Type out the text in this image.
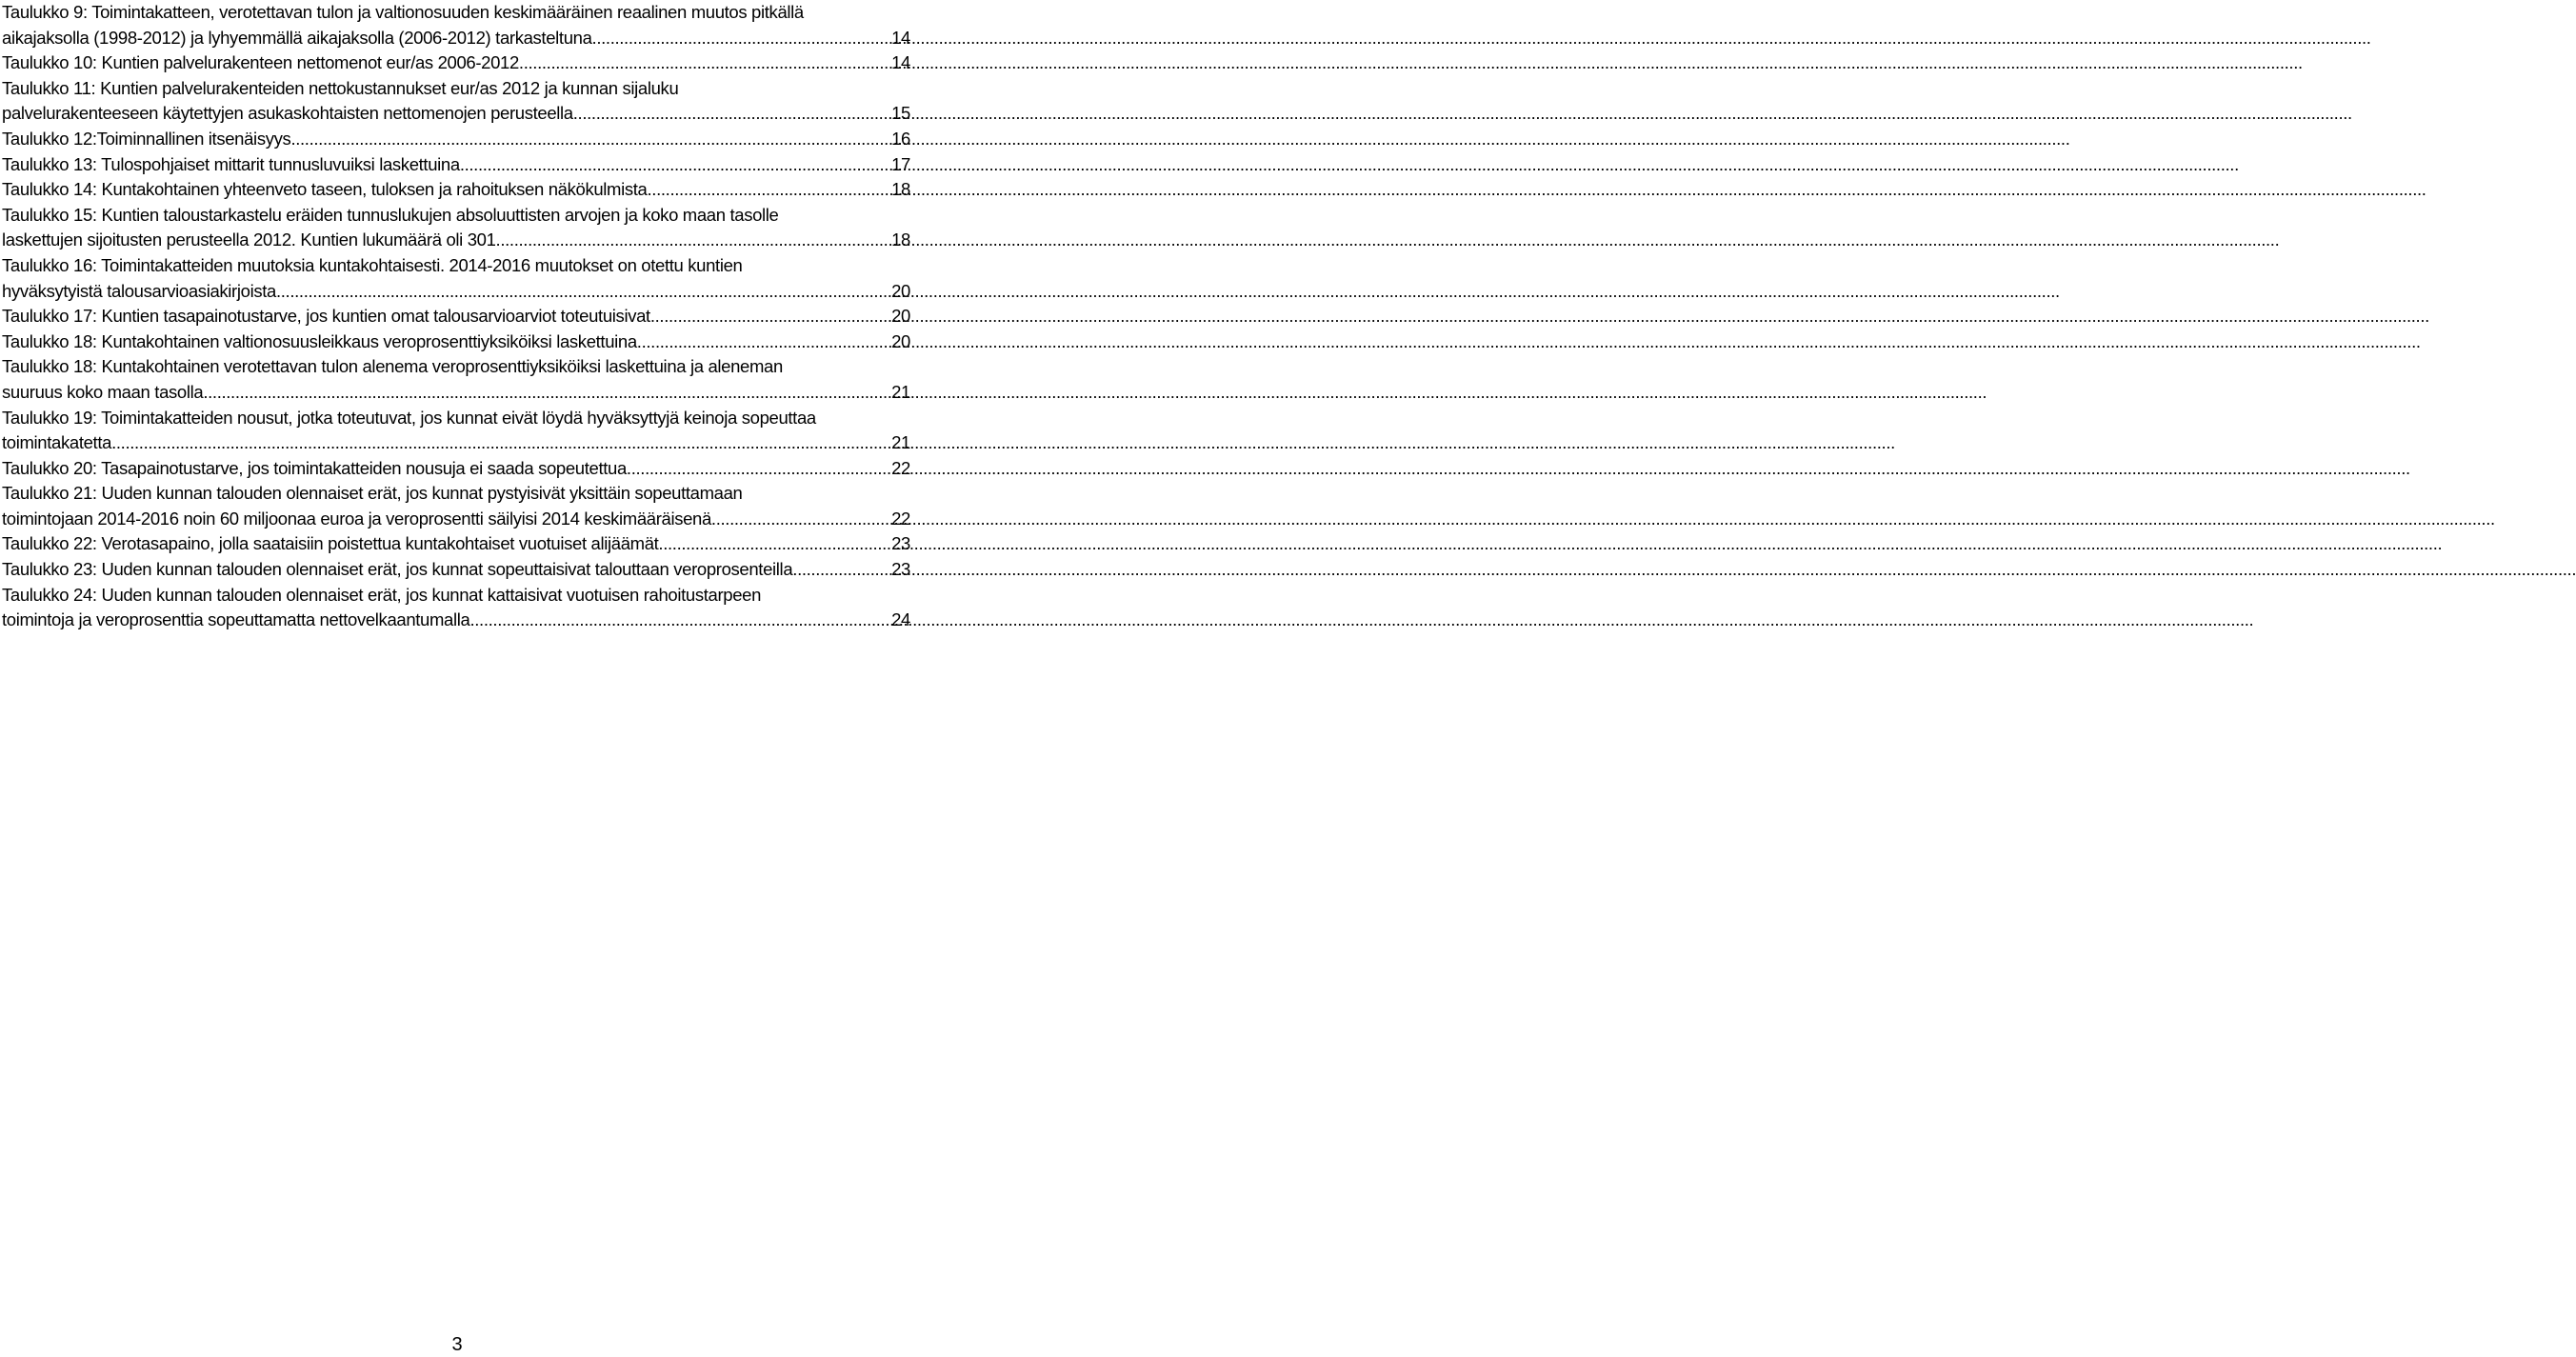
Taulukko 9: Toimintakatteen, verotettavan tulon ja valtionosuuden keskimääräinen reaalinen muutos pitkällä
aikajaksolla (1998-2012) ja lyhyemmällä aikajaksolla (2006-2012) tarkasteltuna .....	14
Taulukko 10: Kuntien palvelurakenteen nettomenot eur/as 2006-2012. .....	14
Taulukko 11: Kuntien palvelurakenteiden nettokustannukset eur/as 2012 ja kunnan sijaluku
palvelurakenteeseen käytettyjen asukaskohtaisten nettomenojen perusteella .....	15
Taulukko 12:Toiminnallinen itsenäisyys .....	16
Taulukko 13: Tulospohjaiset mittarit tunnusluvuiksi laskettuina .....	17
Taulukko 14: Kuntakohtainen yhteenveto taseen, tuloksen ja rahoituksen näkökulmista .....	18
Taulukko 15: Kuntien taloustarkastelu eräiden tunnuslukujen absoluuttisten arvojen ja koko maan tasolle
laskettujen sijoitusten perusteella 2012. Kuntien lukumäärä oli 301. .....	18
Taulukko 16: Toimintakatteiden muutoksia kuntakohtaisesti. 2014-2016 muutokset on otettu kuntien
hyväksytyistä talousarvioasiakirjoista. .....	20
Taulukko 17: Kuntien tasapainotustarve, jos kuntien omat talousarvioarviot toteutuisivat .....	20
Taulukko 18: Kuntakohtainen valtionosuusleikkaus veroprosenttiyksiköiksi laskettuina. .....	20
Taulukko 18: Kuntakohtainen verotettavan tulon alenema veroprosenttiyksiköiksi laskettuina ja aleneman
suuruus koko maan tasolla. .....	21
Taulukko 19: Toimintakatteiden nousut, jotka toteutuvat, jos kunnat eivät löydä hyväksyttyjä keinoja sopeuttaa
toimintakatetta. .....	21
Taulukko 20: Tasapainotustarve, jos toimintakatteiden nousuja ei saada sopeutettua. .....	22
Taulukko 21: Uuden kunnan talouden olennaiset erät, jos kunnat pystyisivät yksittäin sopeuttamaan
toimintojaan 2014-2016 noin 60 miljoonaa euroa ja veroprosentti säilyisi 2014 keskimääräisenä. .....	22
Taulukko 22: Verotasapaino, jolla saataisiin poistettua kuntakohtaiset vuotuiset alijäämät. .....	23
Taulukko 23: Uuden kunnan talouden olennaiset erät, jos kunnat sopeuttaisivat talouttaan veroprosenteilla. .....	23
Taulukko 24: Uuden kunnan talouden olennaiset erät, jos kunnat kattaisivat vuotuisen rahoitustarpeen
toimintoja ja veroprosenttia sopeuttamatta nettovelkaantumalla. .....	24
3
